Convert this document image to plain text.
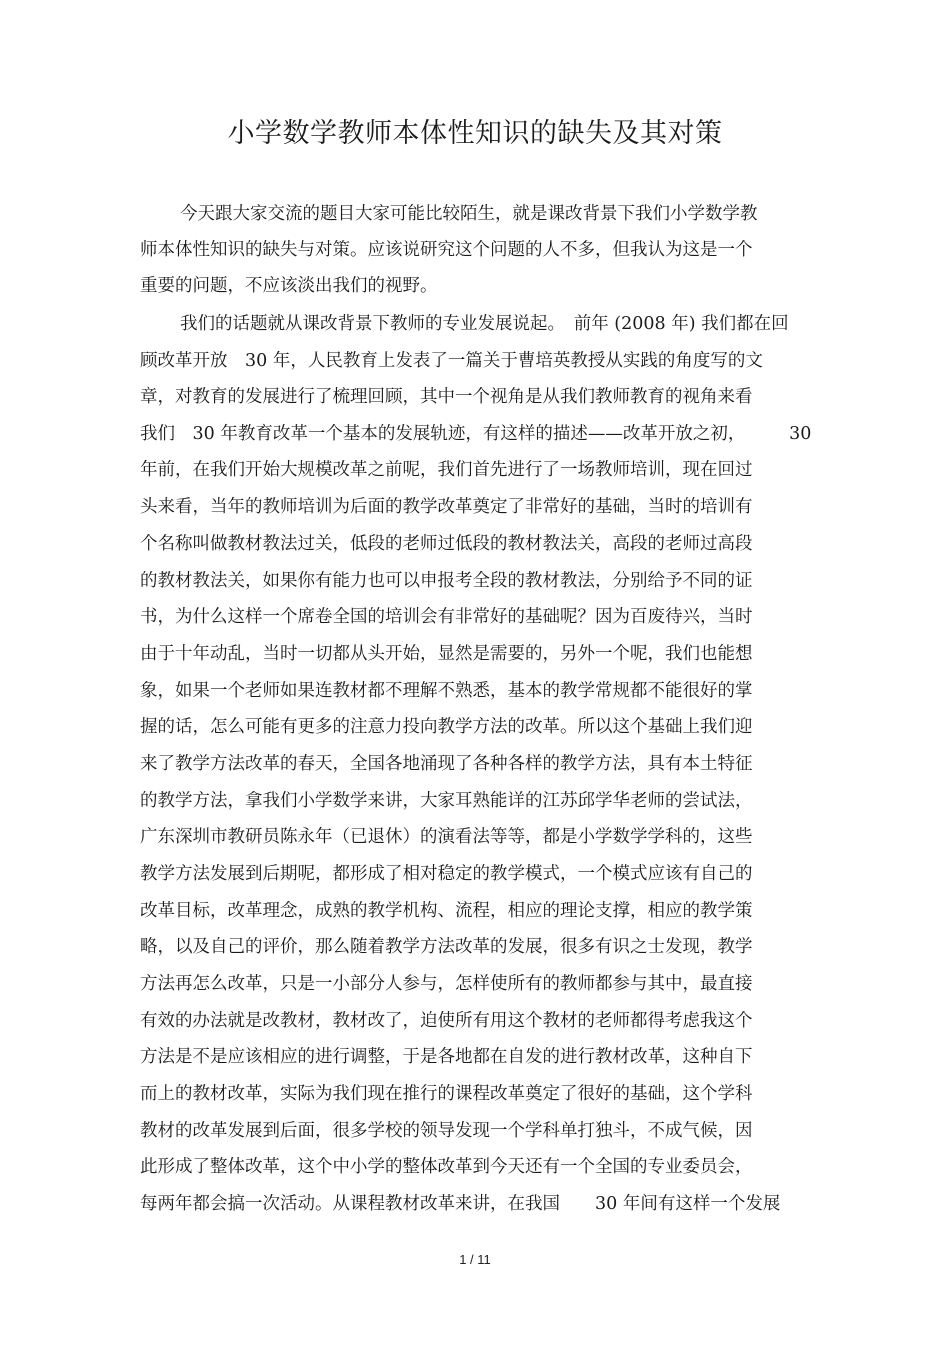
小学数学教师本体性知识的缺失及其对策
今天跟大家交流的题目大家可能比较陌生，就是课改背景下我们小学数学教
师本体性知识的缺失与对策。应该说研究这个问题的人不多，但我认为这是一个
重要的问题，不应该淡出我们的视野。
我们的话题就从课改背景下教师的专业发展说起。　前年 (2008 年) 我们都在回
顾改革开放　30 年，人民教育上发表了一篇关于曹培英教授从实践的角度写的文
章，对教育的发展进行了梳理回顾，其中一个视角是从我们教师教育的视角来看
我们　30 年教育改革一个基本的发展轨迹，有这样的描述——改革开放之初，　　　30
年前，在我们开始大规模改革之前呢，我们首先进行了一场教师培训，现在回过
头来看，当年的教师培训为后面的教学改革奠定了非常好的基础，当时的培训有
个名称叫做教材教法过关，低段的老师过低段的教材教法关，高段的老师过高段
的教材教法关，如果你有能力也可以申报考全段的教材教法，分别给予不同的证
书，为什么这样一个席卷全国的培训会有非常好的基础呢？因为百废待兴，当时
由于十年动乱，当时一切都从头开始，显然是需要的，另外一个呢，我们也能想
象，如果一个老师如果连教材都不理解不熟悉，基本的教学常规都不能很好的掌
握的话，怎么可能有更多的注意力投向教学方法的改革。所以这个基础上我们迎
来了教学方法改革的春天，全国各地涌现了各种各样的教学方法，具有本土特征
的教学方法，拿我们小学数学来讲，大家耳熟能详的江苏邱学华老师的尝试法，
广东深圳市教研员陈永年（已退休）的演看法等等，都是小学数学学科的，这些
教学方法发展到后期呢，都形成了相对稳定的教学模式，一个模式应该有自己的
改革目标，改革理念，成熟的教学机构、流程，相应的理论支撑，相应的教学策
略，以及自己的评价，那么随着教学方法改革的发展，很多有识之士发现，教学
方法再怎么改革，只是一小部分人参与，怎样使所有的教师都参与其中，最直接
有效的办法就是改教材，教材改了，迫使所有用这个教材的老师都得考虑我这个
方法是不是应该相应的进行调整，于是各地都在自发的进行教材改革，这种自下
而上的教材改革，实际为我们现在推行的课程改革奠定了很好的基础，这个学科
教材的改革发展到后面，很多学校的领导发现一个学科单打独斗，不成气候，因
此形成了整体改革，这个中小学的整体改革到今天还有一个全国的专业委员会，
每两年都会搞一次活动。从课程教材改革来讲，在我国　　30 年间有这样一个发展
1 / 11
